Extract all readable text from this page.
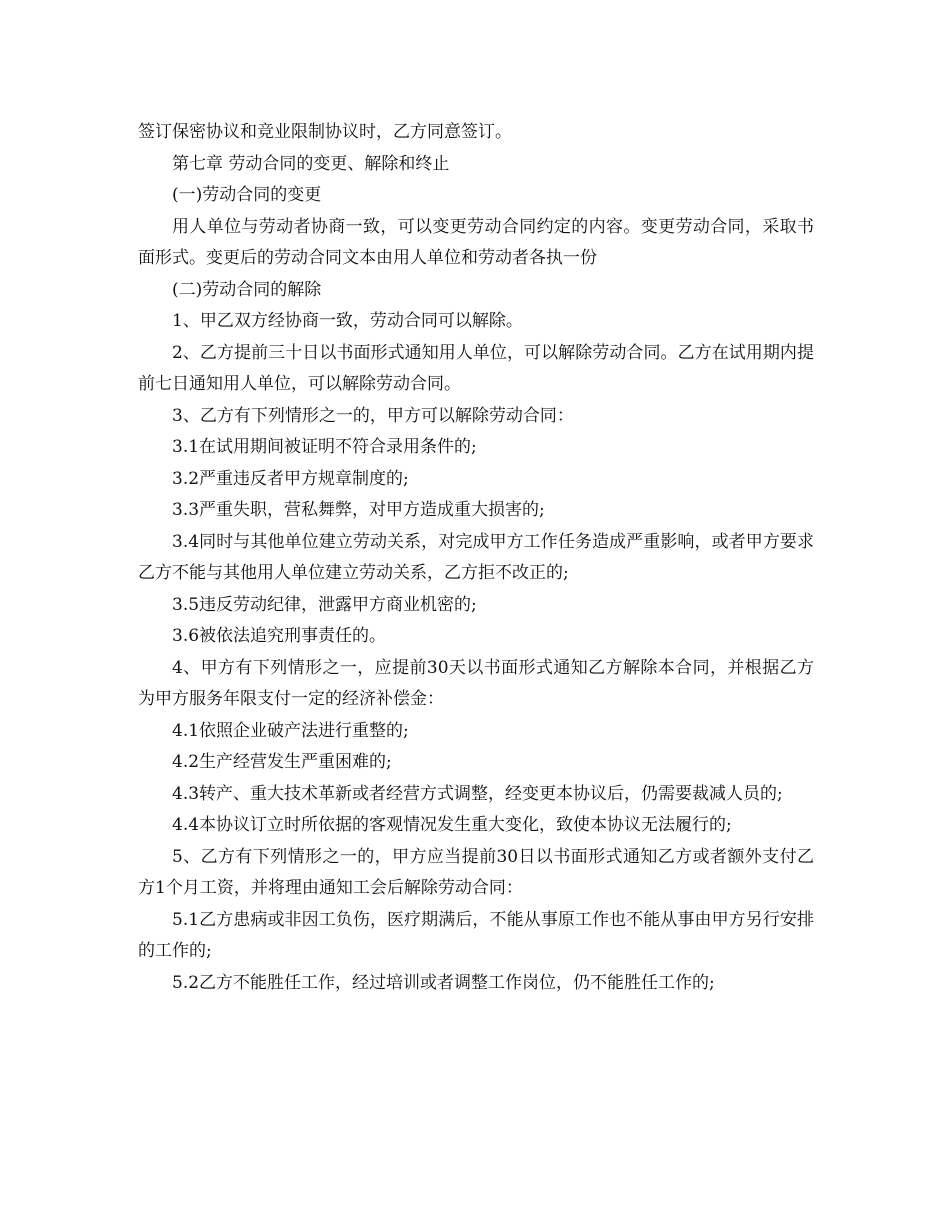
签订保密协议和竞业限制协议时，乙方同意签订。

第七章 劳动合同的变更、解除和终止

(一)劳动合同的变更

用人单位与劳动者协商一致，可以变更劳动合同约定的内容。变更劳动合同，采取书面形式。变更后的劳动合同文本由用人单位和劳动者各执一份

(二)劳动合同的解除

1、甲乙双方经协商一致，劳动合同可以解除。

2、乙方提前三十日以书面形式通知用人单位，可以解除劳动合同。乙方在试用期内提前七日通知用人单位，可以解除劳动合同。

3、乙方有下列情形之一的，甲方可以解除劳动合同：

3.1在试用期间被证明不符合录用条件的;

3.2严重违反者甲方规章制度的;

3.3严重失职，营私舞弊，对甲方造成重大损害的;

3.4同时与其他单位建立劳动关系，对完成甲方工作任务造成严重影响，或者甲方要求乙方不能与其他用人单位建立劳动关系，乙方拒不改正的;

3.5违反劳动纪律，泄露甲方商业机密的;

3.6被依法追究刑事责任的。

4、甲方有下列情形之一，应提前30天以书面形式通知乙方解除本合同，并根据乙方为甲方服务年限支付一定的经济补偿金：

4.1依照企业破产法进行重整的;

4.2生产经营发生严重困难的;

4.3转产、重大技术革新或者经营方式调整，经变更本协议后，仍需要裁减人员的;

4.4本协议订立时所依据的客观情况发生重大变化，致使本协议无法履行的;

5、乙方有下列情形之一的，甲方应当提前30日以书面形式通知乙方或者额外支付乙方1个月工资，并将理由通知工会后解除劳动合同：

5.1乙方患病或非因工负伤，医疗期满后，不能从事原工作也不能从事由甲方另行安排的工作的;

5.2乙方不能胜任工作，经过培训或者调整工作岗位，仍不能胜任工作的;
